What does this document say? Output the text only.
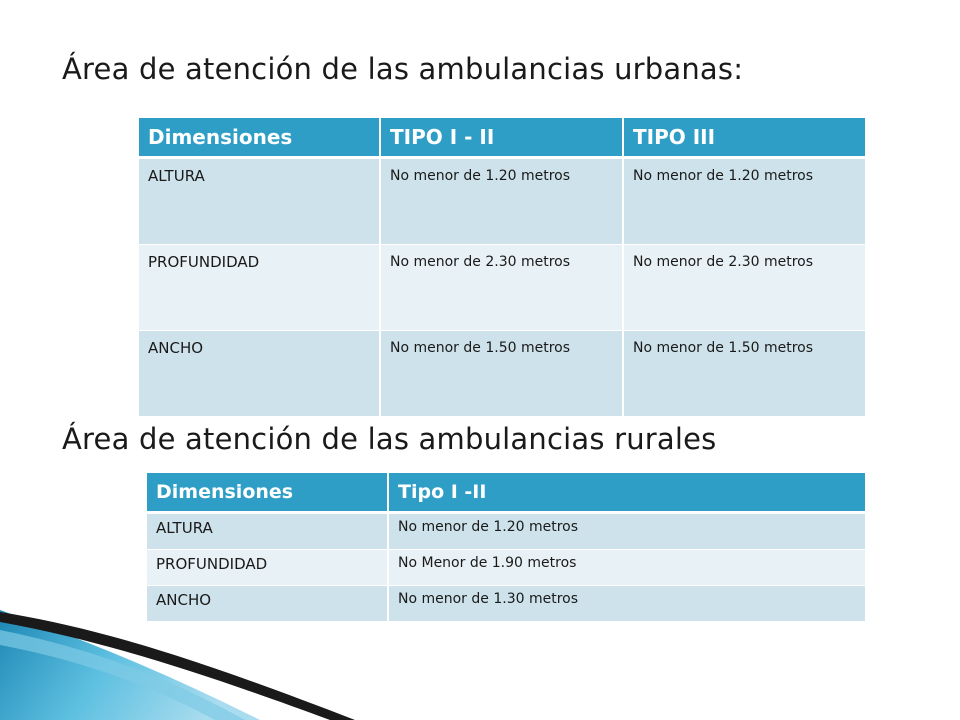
Área de atención de las ambulancias urbanas:
Dimensiones	TIPO I - II	TIPO III
ALTURA	No menor de 1.20 metros	No menor de 1.20 metros
PROFUNDIDAD	No menor de 2.30 metros	No menor de 2.30 metros
ANCHO	No menor de 1.50 metros	No menor de 1.50 metros
Área de atención de las ambulancias rurales
Dimensiones	Tipo I -II
ALTURA	No menor de 1.20 metros
PROFUNDIDAD	No Menor de 1.90 metros
ANCHO	No menor de 1.30 metros
